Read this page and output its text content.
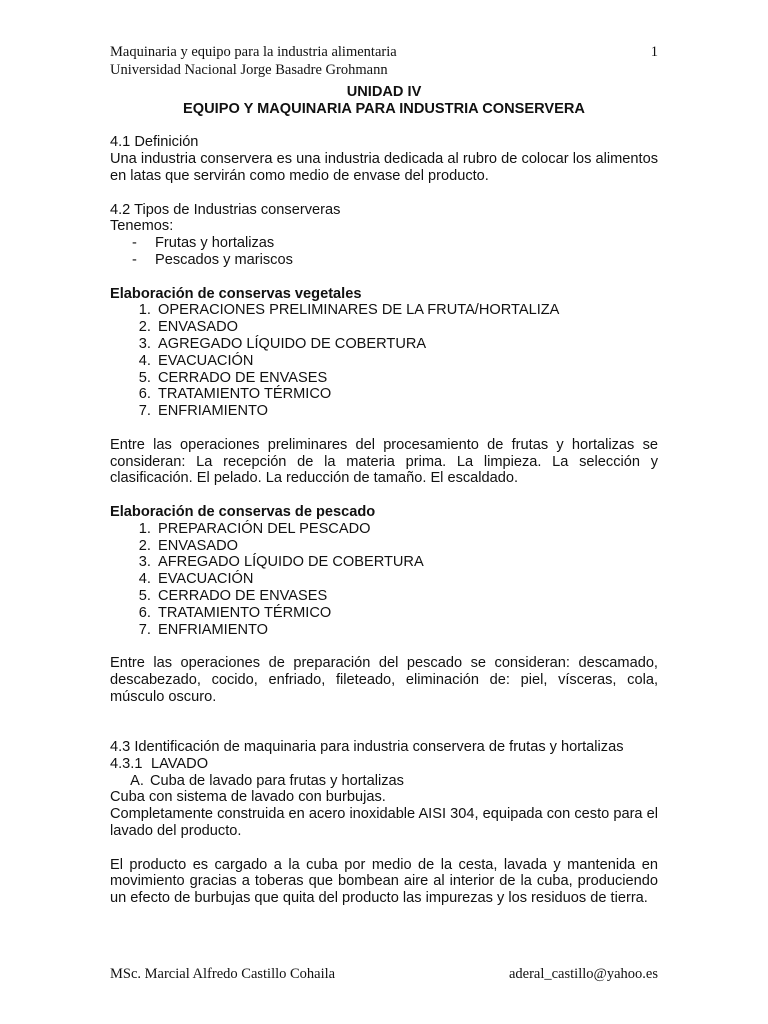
Maquinaria y equipo para la industria alimentaria	1
Universidad Nacional Jorge Basadre Grohmann
UNIDAD IV
EQUIPO Y MAQUINARIA PARA INDUSTRIA CONSERVERA
4.1 Definición
Una industria conservera es una industria dedicada al rubro de colocar los alimentos en latas que servirán como medio de envase del producto.
4.2 Tipos de Industrias conserveras
Tenemos:
- Frutas y hortalizas
- Pescados y mariscos
Elaboración de conservas vegetales
1. OPERACIONES PRELIMINARES DE LA FRUTA/HORTALIZA
2. ENVASADO
3. AGREGADO LÍQUIDO DE COBERTURA
4. EVACUACIÓN
5. CERRADO DE ENVASES
6. TRATAMIENTO TÉRMICO
7. ENFRIAMIENTO
Entre las operaciones preliminares del procesamiento de frutas y hortalizas se consideran: La recepción de la materia prima. La limpieza. La selección y clasificación. El pelado. La reducción de tamaño. El escaldado.
Elaboración de conservas de pescado
1. PREPARACIÓN DEL PESCADO
2. ENVASADO
3. AFREGADO LÍQUIDO DE COBERTURA
4. EVACUACIÓN
5. CERRADO DE ENVASES
6. TRATAMIENTO TÉRMICO
7. ENFRIAMIENTO
Entre las operaciones de preparación del pescado se consideran: descamado, descabezado, cocido, enfriado, fileteado, eliminación de: piel, vísceras, cola, músculo oscuro.
4.3 Identificación de maquinaria para industria conservera de frutas y hortalizas
4.3.1 LAVADO
A. Cuba de lavado para frutas y hortalizas
Cuba con sistema de lavado con burbujas.
Completamente construida en acero inoxidable AISI 304, equipada con cesto para el lavado del producto.
El producto es cargado a la cuba por medio de la cesta, lavada y mantenida en movimiento gracias a toberas que bombean aire al interior de la cuba, produciendo un efecto de burbujas que quita del producto las impurezas y los residuos de tierra.
MSc. Marcial Alfredo Castillo Cohaila	aderal_castillo@yahoo.es
